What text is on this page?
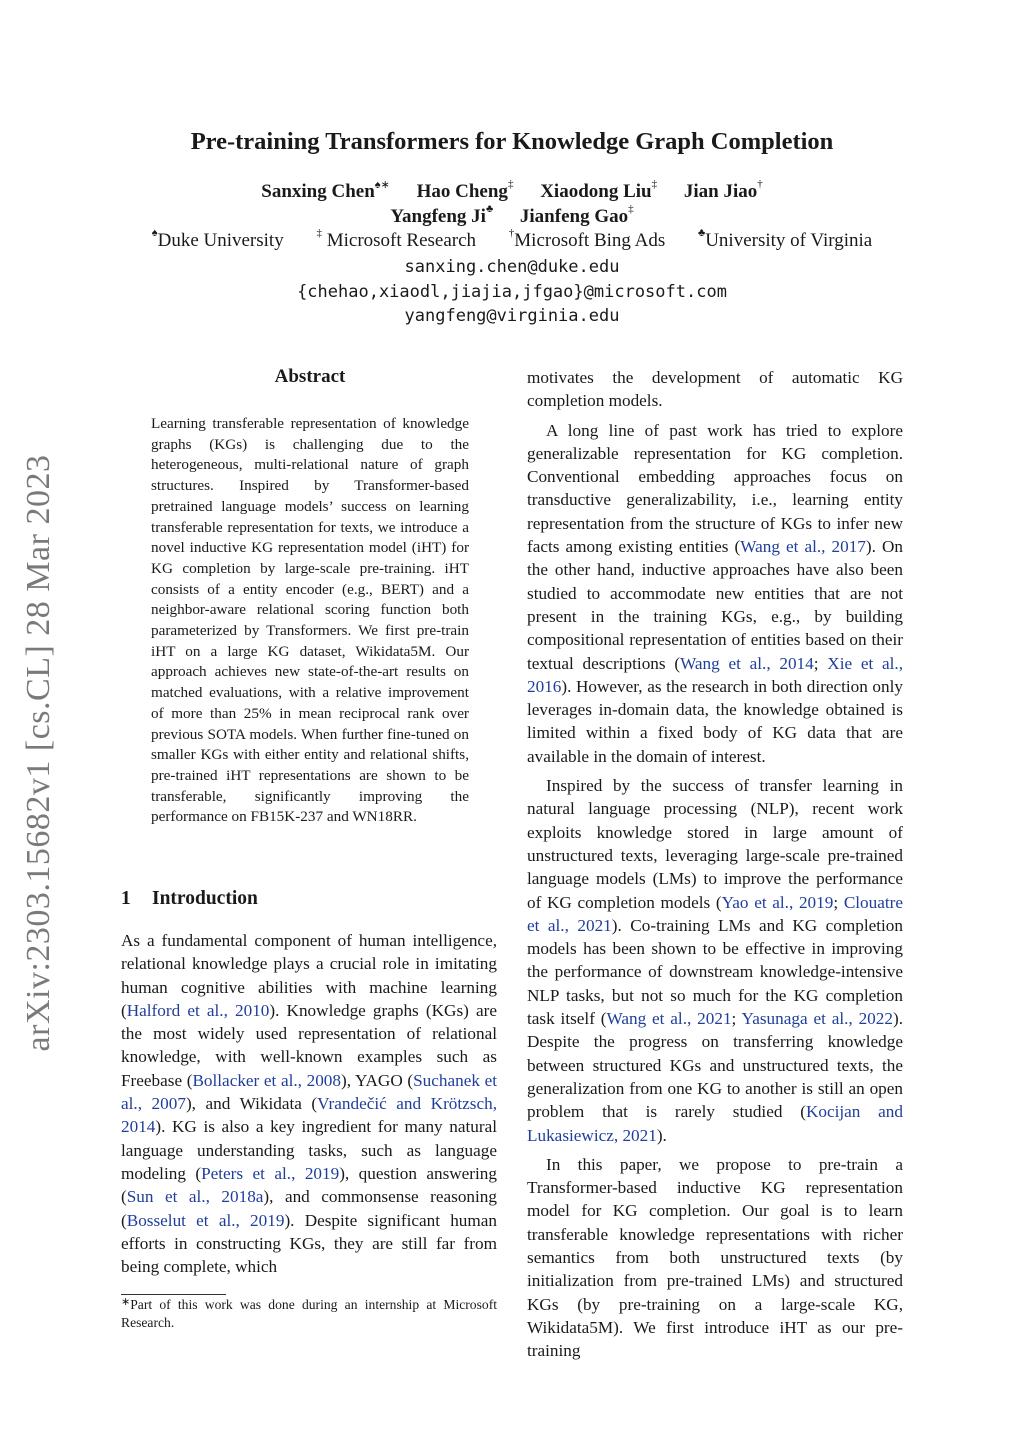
arXiv:2303.15682v1 [cs.CL] 28 Mar 2023
Pre-training Transformers for Knowledge Graph Completion
Sanxing Chen♠∗ Hao Cheng‡ Xiaodong Liu‡ Jian Jiao†
Yangfeng Ji♣ Jianfeng Gao‡
♠Duke University	‡ Microsoft Research	†Microsoft Bing Ads	♣University of Virginia
sanxing.chen@duke.edu
{chehao,xiaodl,jiajia,jfgao}@microsoft.com
yangfeng@virginia.edu
Abstract
Learning transferable representation of knowledge graphs (KGs) is challenging due to the heterogeneous, multi-relational nature of graph structures. Inspired by Transformer-based pretrained language models’ success on learning transferable representation for texts, we introduce a novel inductive KG representation model (iHT) for KG completion by large-scale pre-training. iHT consists of a entity encoder (e.g., BERT) and a neighbor-aware relational scoring function both parameterized by Transformers. We first pre-train iHT on a large KG dataset, Wikidata5M. Our approach achieves new state-of-the-art results on matched evaluations, with a relative improvement of more than 25% in mean reciprocal rank over previous SOTA models. When further fine-tuned on smaller KGs with either entity and relational shifts, pre-trained iHT representations are shown to be transferable, significantly improving the performance on FB15K-237 and WN18RR.
1 Introduction
As a fundamental component of human intelligence, relational knowledge plays a crucial role in imitating human cognitive abilities with machine learning (Halford et al., 2010). Knowledge graphs (KGs) are the most widely used representation of relational knowledge, with well-known examples such as Freebase (Bollacker et al., 2008), YAGO (Suchanek et al., 2007), and Wikidata (Vrandečić and Krötzsch, 2014). KG is also a key ingredient for many natural language understanding tasks, such as language modeling (Peters et al., 2019), question answering (Sun et al., 2018a), and commonsense reasoning (Bosselut et al., 2019). Despite significant human efforts in constructing KGs, they are still far from being complete, which

motivates the development of automatic KG completion models.

A long line of past work has tried to explore generalizable representation for KG completion. Conventional embedding approaches focus on transductive generalizability, i.e., learning entity representation from the structure of KGs to infer new facts among existing entities (Wang et al., 2017). On the other hand, inductive approaches have also been studied to accommodate new entities that are not present in the training KGs, e.g., by building compositional representation of entities based on their textual descriptions (Wang et al., 2014; Xie et al., 2016). However, as the research in both direction only leverages in-domain data, the knowledge obtained is limited within a fixed body of KG data that are available in the domain of interest.

Inspired by the success of transfer learning in natural language processing (NLP), recent work exploits knowledge stored in large amount of unstructured texts, leveraging large-scale pre-trained language models (LMs) to improve the performance of KG completion models (Yao et al., 2019; Clouatre et al., 2021). Co-training LMs and KG completion models has been shown to be effective in improving the performance of downstream knowledge-intensive NLP tasks, but not so much for the KG completion task itself (Wang et al., 2021; Yasunaga et al., 2022). Despite the progress on transferring knowledge between structured KGs and unstructured texts, the generalization from one KG to another is still an open problem that is rarely studied (Kocijan and Lukasiewicz, 2021).

In this paper, we propose to pre-train a Transformer-based inductive KG representation model for KG completion. Our goal is to learn transferable knowledge representations with richer semantics from both unstructured texts (by initialization from pre-trained LMs) and structured KGs (by pre-training on a large-scale KG, Wikidata5M). We first introduce iHT as our pre-training

∗Part of this work was done during an internship at Microsoft Research.
